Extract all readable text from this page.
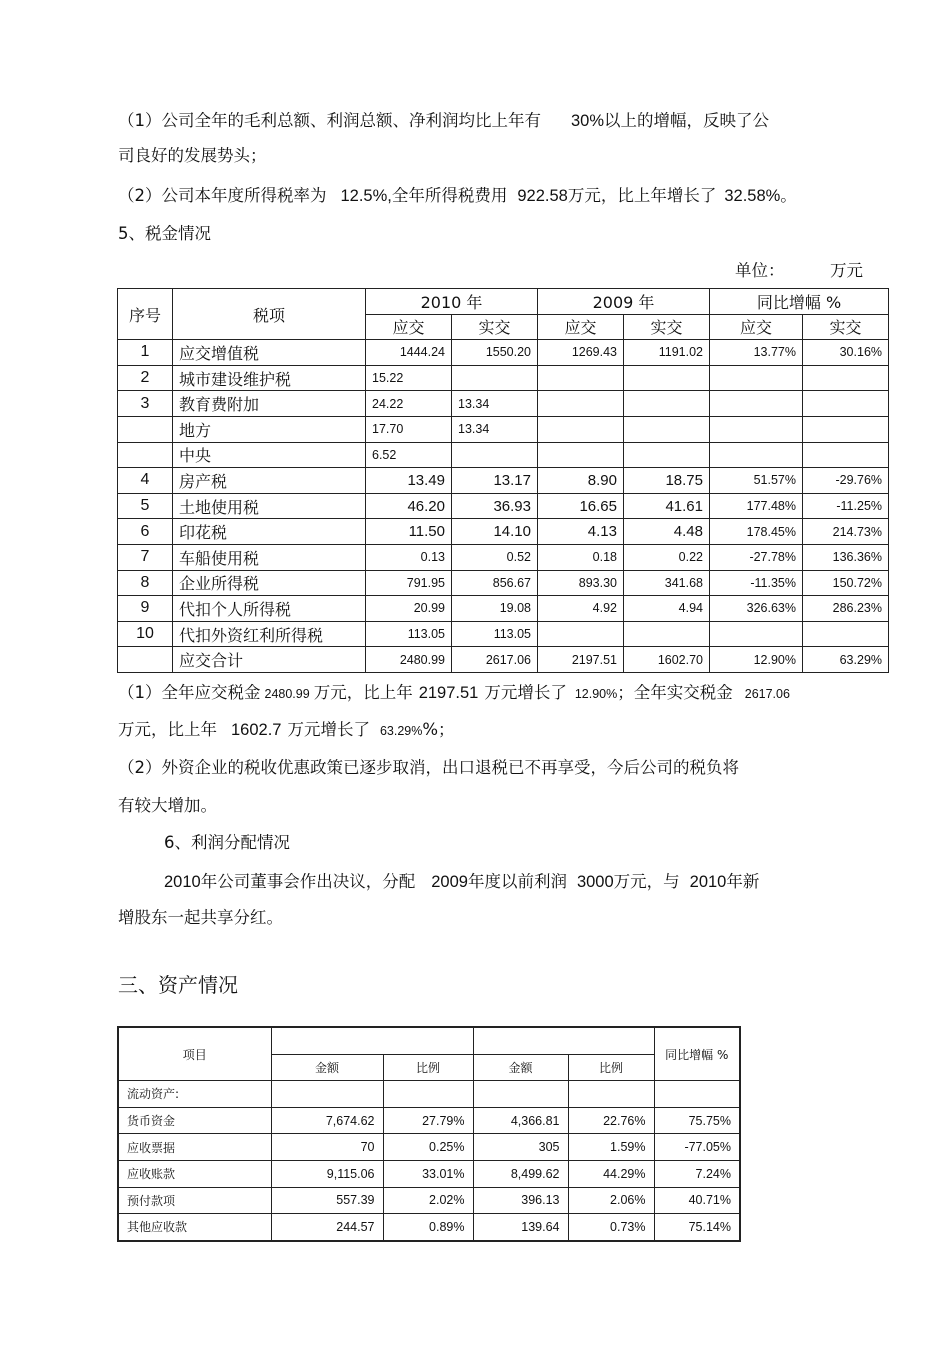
（1）公司全年的毛利总额、利润总额、净利润均比上年有 30%以上的增幅，反映了公
司良好的发展势头；
（2）公司本年度所得税率为 12.5%,全年所得税费用 922.58万元，比上年增长了 32.58%。
5、税金情况
单位：	万元
序号	税项	2010 年		2009 年		同比增幅 %	
		应交	实交	应交	实交	应交	实交
1	应交增值税	1444.24	1550.20	1269.43	1191.02	13.77%	30.16%
2	城市建设维护税	15.22					
3	教育费附加	24.22	13.34				
	地方	17.70	13.34				
	中央	6.52					
4	房产税	13.49	13.17	8.90	18.75	51.57%	-29.76%
5	土地使用税	46.20	36.93	16.65	41.61	177.48%	-11.25%
6	印花税	11.50	14.10	4.13	4.48	178.45%	214.73%
7	车船使用税	0.13	0.52	0.18	0.22	-27.78%	136.36%
8	企业所得税	791.95	856.67	893.30	341.68	-11.35%	150.72%
9	代扣个人所得税	20.99	19.08	4.92	4.94	326.63%	286.23%
10	代扣外资红利所得税	113.05	113.05				
	应交合计	2480.99	2617.06	2197.51	1602.70	12.90%	63.29%
（1）全年应交税金 2480.99 万元，比上年 2197.51 万元增长了 12.90%；全年实交税金 2617.06
万元，比上年 1602.7 万元增长了 63.29%%；
（2）外资企业的税收优惠政策已逐步取消，出口退税已不再享受，今后公司的税负将
有较大增加。
6、利润分配情况
2010年公司董事会作出决议，分配 2009年度以前利润 3000万元，与 2010年新
增股东一起共享分红。
三、资产情况
项目					同比增幅 %
	金额	比例	金额	比例	
流动资产:					
货币资金	7,674.62	27.79%	4,366.81	22.76%	75.75%
应收票据	70	0.25%	305	1.59%	-77.05%
应收账款	9,115.06	33.01%	8,499.62	44.29%	7.24%
预付款项	557.39	2.02%	396.13	2.06%	40.71%
其他应收款	244.57	0.89%	139.64	0.73%	75.14%
